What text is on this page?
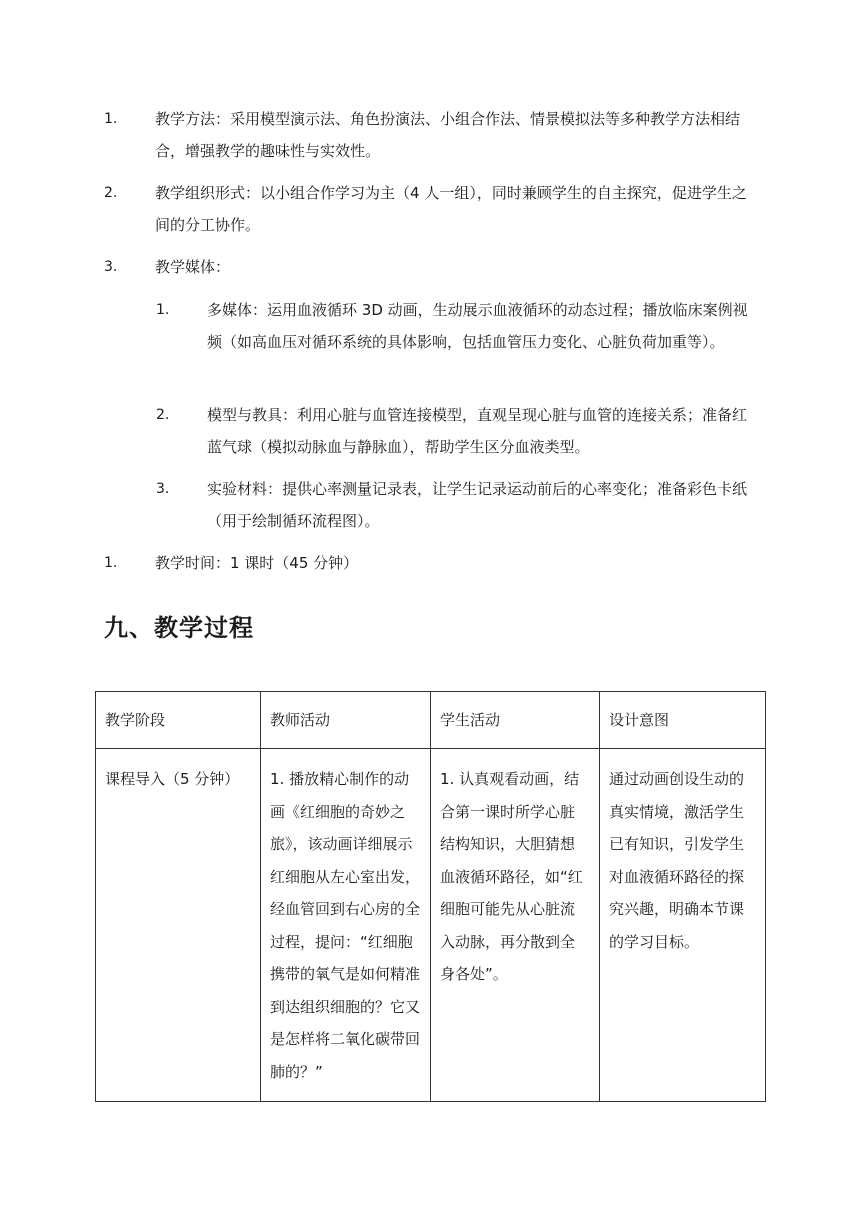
1.	教学方法：采用模型演示法、角色扮演法、小组合作法、情景模拟法等多种教学方法相结合，增强教学的趣味性与实效性。
2.	教学组织形式：以小组合作学习为主（4 人一组），同时兼顾学生的自主探究，促进学生之间的分工协作。
3.	教学媒体：
1.	多媒体：运用血液循环 3D 动画，生动展示血液循环的动态过程；播放临床案例视频（如高血压对循环系统的具体影响，包括血管压力变化、心脏负荷加重等）。
2.	模型与教具：利用心脏与血管连接模型，直观呈现心脏与血管的连接关系；准备红蓝气球（模拟动脉血与静脉血），帮助学生区分血液类型。
3.	实验材料：提供心率测量记录表，让学生记录运动前后的心率变化；准备彩色卡纸（用于绘制循环流程图）。
1.	教学时间：1 课时（45 分钟）
九、教学过程
教学阶段	教师活动	学生活动	设计意图
课程导入（5 分钟）	1. 播放精心制作的动画《红细胞的奇妙之旅》，该动画详细展示红细胞从左心室出发，经血管回到右心房的全过程，提问：“红细胞携带的氧气是如何精准到达组织细胞的？它又是怎样将二氧化碳带回肺的？”	1. 认真观看动画，结合第一课时所学心脏结构知识，大胆猜想血液循环路径，如“红细胞可能先从心脏流入动脉，再分散到全身各处”。	通过动画创设生动的真实情境，激活学生已有知识，引发学生对血液循环路径的探究兴趣，明确本节课的学习目标。
